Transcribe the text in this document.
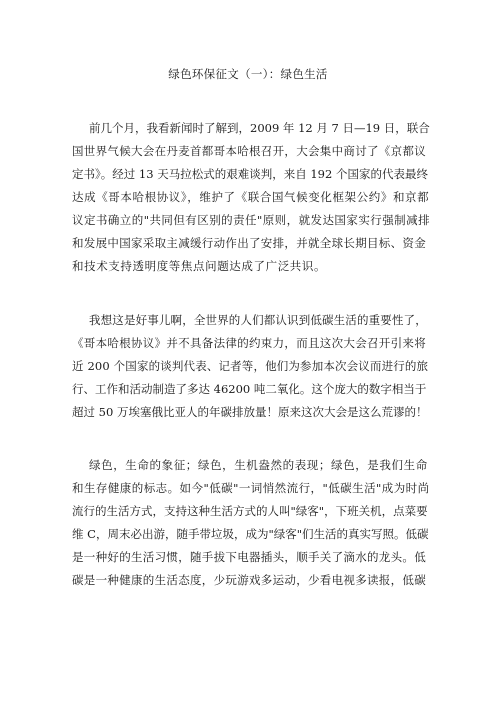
绿色环保征文（一）：绿色生活
前几个月，我看新闻时了解到，2009 年 12 月 7 日—19 日，联合
国世界气候大会在丹麦首都哥本哈根召开，大会集中商讨了《京都议
定书》。经过 13 天马拉松式的艰难谈判，来自 192 个国家的代表最终
达成《哥本哈根协议》，维护了《联合国气候变化框架公约》和京都
议定书确立的"共同但有区别的责任"原则，就发达国家实行强制减排
和发展中国家采取主减缓行动作出了安排，并就全球长期目标、资金
和技术支持透明度等焦点问题达成了广泛共识。
我想这是好事儿啊，全世界的人们都认识到低碳生活的重要性了，
《哥本哈根协议》并不具备法律的约束力，而且这次大会召开引来将
近 200 个国家的谈判代表、记者等，他们为参加本次会议而进行的旅
行、工作和活动制造了多达 46200 吨二氧化。这个庞大的数字相当于
超过 50 万埃塞俄比亚人的年碳排放量！原来这次大会是这么荒谬的！
绿色，生命的象征；绿色，生机盎然的表现；绿色，是我们生命
和生存健康的标志。如今"低碳"一词悄然流行，"低碳生活"成为时尚
流行的生活方式，支持这种生活方式的人叫"绿客"，下班关机，点菜要
维 C，周末必出游，随手带垃圾，成为"绿客"们生活的真实写照。低碳
是一种好的生活习惯，随手拔下电器插头，顺手关了滴水的龙头。低
碳是一种健康的生活态度，少玩游戏多运动，少看电视多读报，低碳
